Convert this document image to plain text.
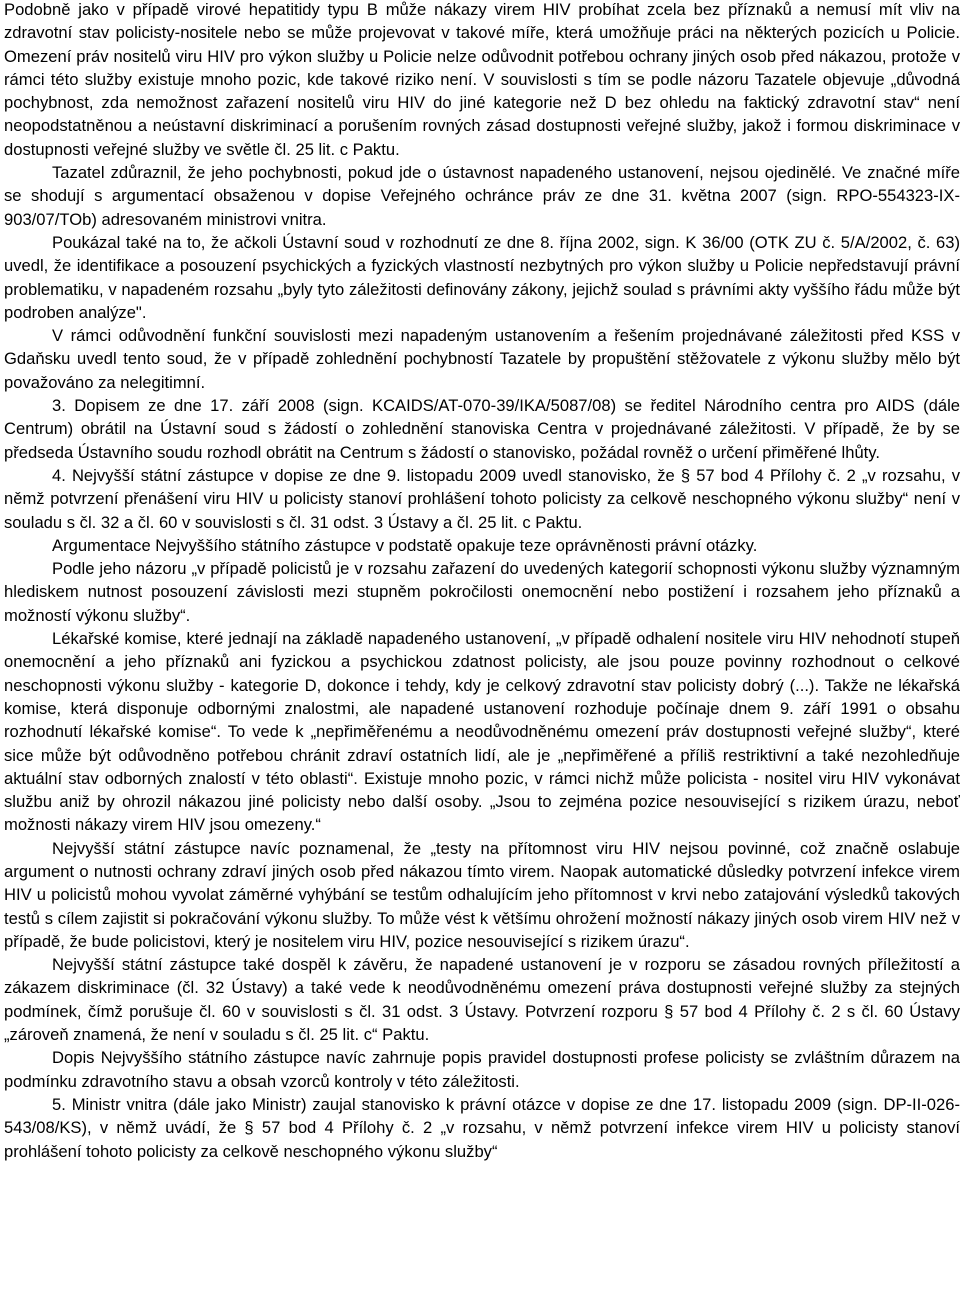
Podobně jako v případě virové hepatitidy typu B může nákazy virem HIV probíhat zcela bez příznaků a nemusí mít vliv na zdravotní stav policisty-nositele nebo se může projevovat v takové míře, která umožňuje práci na některých pozicích u Policie. Omezení práv nositelů viru HIV pro výkon služby u Policie nelze odůvodnit potřebou ochrany jiných osob před nákazou, protože v rámci této služby existuje mnoho pozic, kde takové riziko není. V souvislosti s tím se podle názoru Tazatele objevuje „důvodná pochybnost, zda nemožnost zařazení nositelů viru HIV do jiné kategorie než D bez ohledu na faktický zdravotní stav“ není neopodstatněnou a neústavní diskriminací a porušením rovných zásad dostupnosti veřejné služby, jakož i formou diskriminace v dostupnosti veřejné služby ve světle čl. 25 lit. c Paktu.

Tazatel zdůraznil, že jeho pochybnosti, pokud jde o ústavnost napadeného ustanovení, nejsou ojedinělé. Ve značné míře se shodují s argumentací obsaženou v dopise Veřejného ochránce práv ze dne 31. května 2007 (sign. RPO-554323-IX-903/07/TOb) adresovaném ministrovi vnitra.

Poukázal také na to, že ačkoli Ústavní soud v rozhodnutí ze dne 8. října 2002, sign. K 36/00 (OTK ZU č. 5/A/2002, č. 63) uvedl, že identifikace a posouzení psychických a fyzických vlastností nezbytných pro výkon služby u Policie nepředstavují právní problematiku, v napadeném rozsahu „byly tyto záležitosti definovány zákony, jejichž soulad s právními akty vyššího řádu může být podroben analýze".

V rámci odůvodnění funkční souvislosti mezi napadeným ustanovením a řešením projednávané záležitosti před KSS v Gdaňsku uvedl tento soud, že v případě zohlednění pochybností Tazatele by propuštění stěžovatele z výkonu služby mělo být považováno za nelegitimní.

3. Dopisem ze dne 17. září 2008 (sign. KCAIDS/AT-070-39/IKA/5087/08) se ředitel Národního centra pro AIDS (dále Centrum) obrátil na Ústavní soud s žádostí o zohlednění stanoviska Centra v projednávané záležitosti. V případě, že by se předseda Ústavního soudu rozhodl obrátit na Centrum s žádostí o stanovisko, požádal rovněž o určení přiměřené lhůty.

4. Nejvyšší státní zástupce v dopise ze dne 9. listopadu 2009 uvedl stanovisko, že § 57 bod 4 Přílohy č. 2 „v rozsahu, v němž potvrzení přenášení viru HIV u policisty stanoví prohlášení tohoto policisty za celkově neschopného výkonu služby“ není v souladu s čl. 32 a čl. 60 v souvislosti s čl. 31 odst. 3 Ústavy a čl. 25 lit. c Paktu.

Argumentace Nejvyššího státního zástupce v podstatě opakuje teze oprávněnosti právní otázky.

Podle jeho názoru „v případě policistů je v rozsahu zařazení do uvedených kategorií schopnosti výkonu služby významným hlediskem nutnost posouzení závislosti mezi stupněm pokročilosti onemocnění nebo postižení i rozsahem jeho příznaků a možností výkonu služby“.

Lékařské komise, které jednají na základě napadeného ustanovení, „v případě odhalení nositele viru HIV nehodnotí stupeň onemocnění a jeho příznaků ani fyzickou a psychickou zdatnost policisty, ale jsou pouze povinny rozhodnout o celkové neschopnosti výkonu služby - kategorie D, dokonce i tehdy, kdy je celkový zdravotní stav policisty dobrý (...). Takže ne lékařská komise, která disponuje odbornými znalostmi, ale napadené ustanovení rozhoduje počínaje dnem 9. září 1991 o obsahu rozhodnutí lékařské komise“. To vede k „nepřiměřenému a neodůvodněnému omezení práv dostupnosti veřejné služby“, které sice může být odůvodněno potřebou chránit zdraví ostatních lidí, ale je „nepřiměřené a příliš restriktivní a také nezohledňuje aktuální stav odborných znalostí v této oblasti“. Existuje mnoho pozic, v rámci nichž může policista - nositel viru HIV vykonávat službu aniž by ohrozil nákazou jiné policisty nebo další osoby. „Jsou to zejména pozice nesouvisející s rizikem úrazu, neboť možnosti nákazy virem HIV jsou omezeny.“

Nejvyšší státní zástupce navíc poznamenal, že „testy na přítomnost viru HIV nejsou povinné, což značně oslabuje argument o nutnosti ochrany zdraví jiných osob před nákazou tímto virem. Naopak automatické důsledky potvrzení infekce virem HIV u policistů mohou vyvolat záměrné vyhýbání se testům odhalujícím jeho přítomnost v krvi nebo zatajování výsledků takových testů s cílem zajistit si pokračování výkonu služby. To může vést k většímu ohrožení možností nákazy jiných osob virem HIV než v případě, že bude policistovi, který je nositelem viru HIV, pozice nesouvisející s rizikem úrazu“.

Nejvyšší státní zástupce také dospěl k závěru, že napadené ustanovení je v rozporu se zásadou rovných příležitostí a zákazem diskriminace (čl. 32 Ústavy) a také vede k neodůvodněnému omezení práva dostupnosti veřejné služby za stejných podmínek, čímž porušuje čl. 60 v souvislosti s čl. 31 odst. 3 Ústavy. Potvrzení rozporu § 57 bod 4 Přílohy č. 2 s čl. 60 Ústavy „zároveň znamená, že není v souladu s čl. 25 lit. c“ Paktu.

Dopis Nejvyššího státního zástupce navíc zahrnuje popis pravidel dostupnosti profese policisty se zvláštním důrazem na podmínku zdravotního stavu a obsah vzorců kontroly v této záležitosti.

5. Ministr vnitra (dále jako Ministr) zaujal stanovisko k právní otázce v dopise ze dne 17. listopadu 2009 (sign. DP-II-026-543/08/KS), v němž uvádí, že § 57 bod 4 Přílohy č. 2 „v rozsahu, v němž potvrzení infekce virem HIV u policisty stanoví prohlášení tohoto policisty za celkově neschopného výkonu služby“
